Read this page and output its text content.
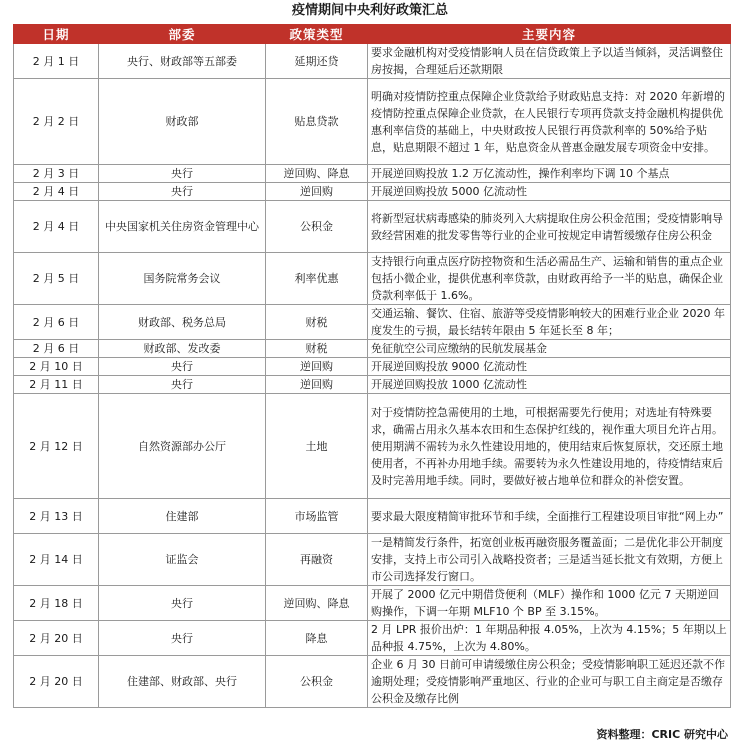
疫情期间中央利好政策汇总
日期	部委	政策类型	主要内容
2 月 1 日	央行、财政部等五部委	延期还贷	要求金融机构对受疫情影响人员在信贷政策上予以适当倾斜，灵活调整住房按揭，合理延后还款期限
2 月 2 日	财政部	贴息贷款	明确对疫情防控重点保障企业贷款给予财政贴息支持：对 2020 年新增的疫情防控重点保障企业贷款，在人民银行专项再贷款支持金融机构提供优惠利率信贷的基础上，中央财政按人民银行再贷款利率的 50%给予贴息，贴息期限不超过 1 年，贴息资金从普惠金融发展专项资金中安排。
2 月 3 日	央行	逆回购、降息	开展逆回购投放 1.2 万亿流动性，操作利率均下调 10 个基点
2 月 4 日	央行	逆回购	开展逆回购投放 5000 亿流动性
2 月 4 日	中央国家机关住房资金管理中心	公积金	将新型冠状病毒感染的肺炎列入大病提取住房公积金范围；受疫情影响导致经营困难的批发零售等行业的企业可按规定申请暂缓缴存住房公积金
2 月 5 日	国务院常务会议	利率优惠	支持银行向重点医疗防控物资和生活必需品生产、运输和销售的重点企业包括小微企业，提供优惠利率贷款，由财政再给予一半的贴息，确保企业贷款利率低于 1.6%。
2 月 6 日	财政部、税务总局	财税	交通运输、餐饮、住宿、旅游等受疫情影响较大的困难行业企业 2020 年度发生的亏损，最长结转年限由 5 年延长至 8 年；
2 月 6 日	财政部、发改委	财税	免征航空公司应缴纳的民航发展基金
2 月 10 日	央行	逆回购	开展逆回购投放 9000 亿流动性
2 月 11 日	央行	逆回购	开展逆回购投放 1000 亿流动性
2 月 12 日	自然资源部办公厅	土地	对于疫情防控急需使用的土地，可根据需要先行使用；对选址有特殊要求，确需占用永久基本农田和生态保护红线的，视作重大项目允许占用。使用期满不需转为永久性建设用地的，使用结束后恢复原状，交还原土地使用者，不再补办用地手续。需要转为永久性建设用地的，待疫情结束后及时完善用地手续。同时，要做好被占地单位和群众的补偿安置。
2 月 13 日	住建部	市场监管	要求最大限度精简审批环节和手续，全面推行工程建设项目审批“网上办”
2 月 14 日	证监会	再融资	一是精简发行条件，拓宽创业板再融资服务覆盖面；二是优化非公开制度安排，支持上市公司引入战略投资者；三是适当延长批文有效期，方便上市公司选择发行窗口。
2 月 18 日	央行	逆回购、降息	开展了 2000 亿元中期借贷便利（MLF）操作和 1000 亿元 7 天期逆回购操作，下调一年期 MLF10 个 BP 至 3.15%。
2 月 20 日	央行	降息	2 月 LPR 报价出炉：1 年期品种报 4.05%，上次为 4.15%；5 年期以上品种报 4.75%，上次为 4.80%。
2 月 20 日	住建部、财政部、央行	公积金	企业 6 月 30 日前可申请缓缴住房公积金；受疫情影响职工延迟还款不作逾期处理；受疫情影响严重地区、行业的企业可与职工自主商定是否缴存公积金及缴存比例
资料整理：CRIC 研究中心
